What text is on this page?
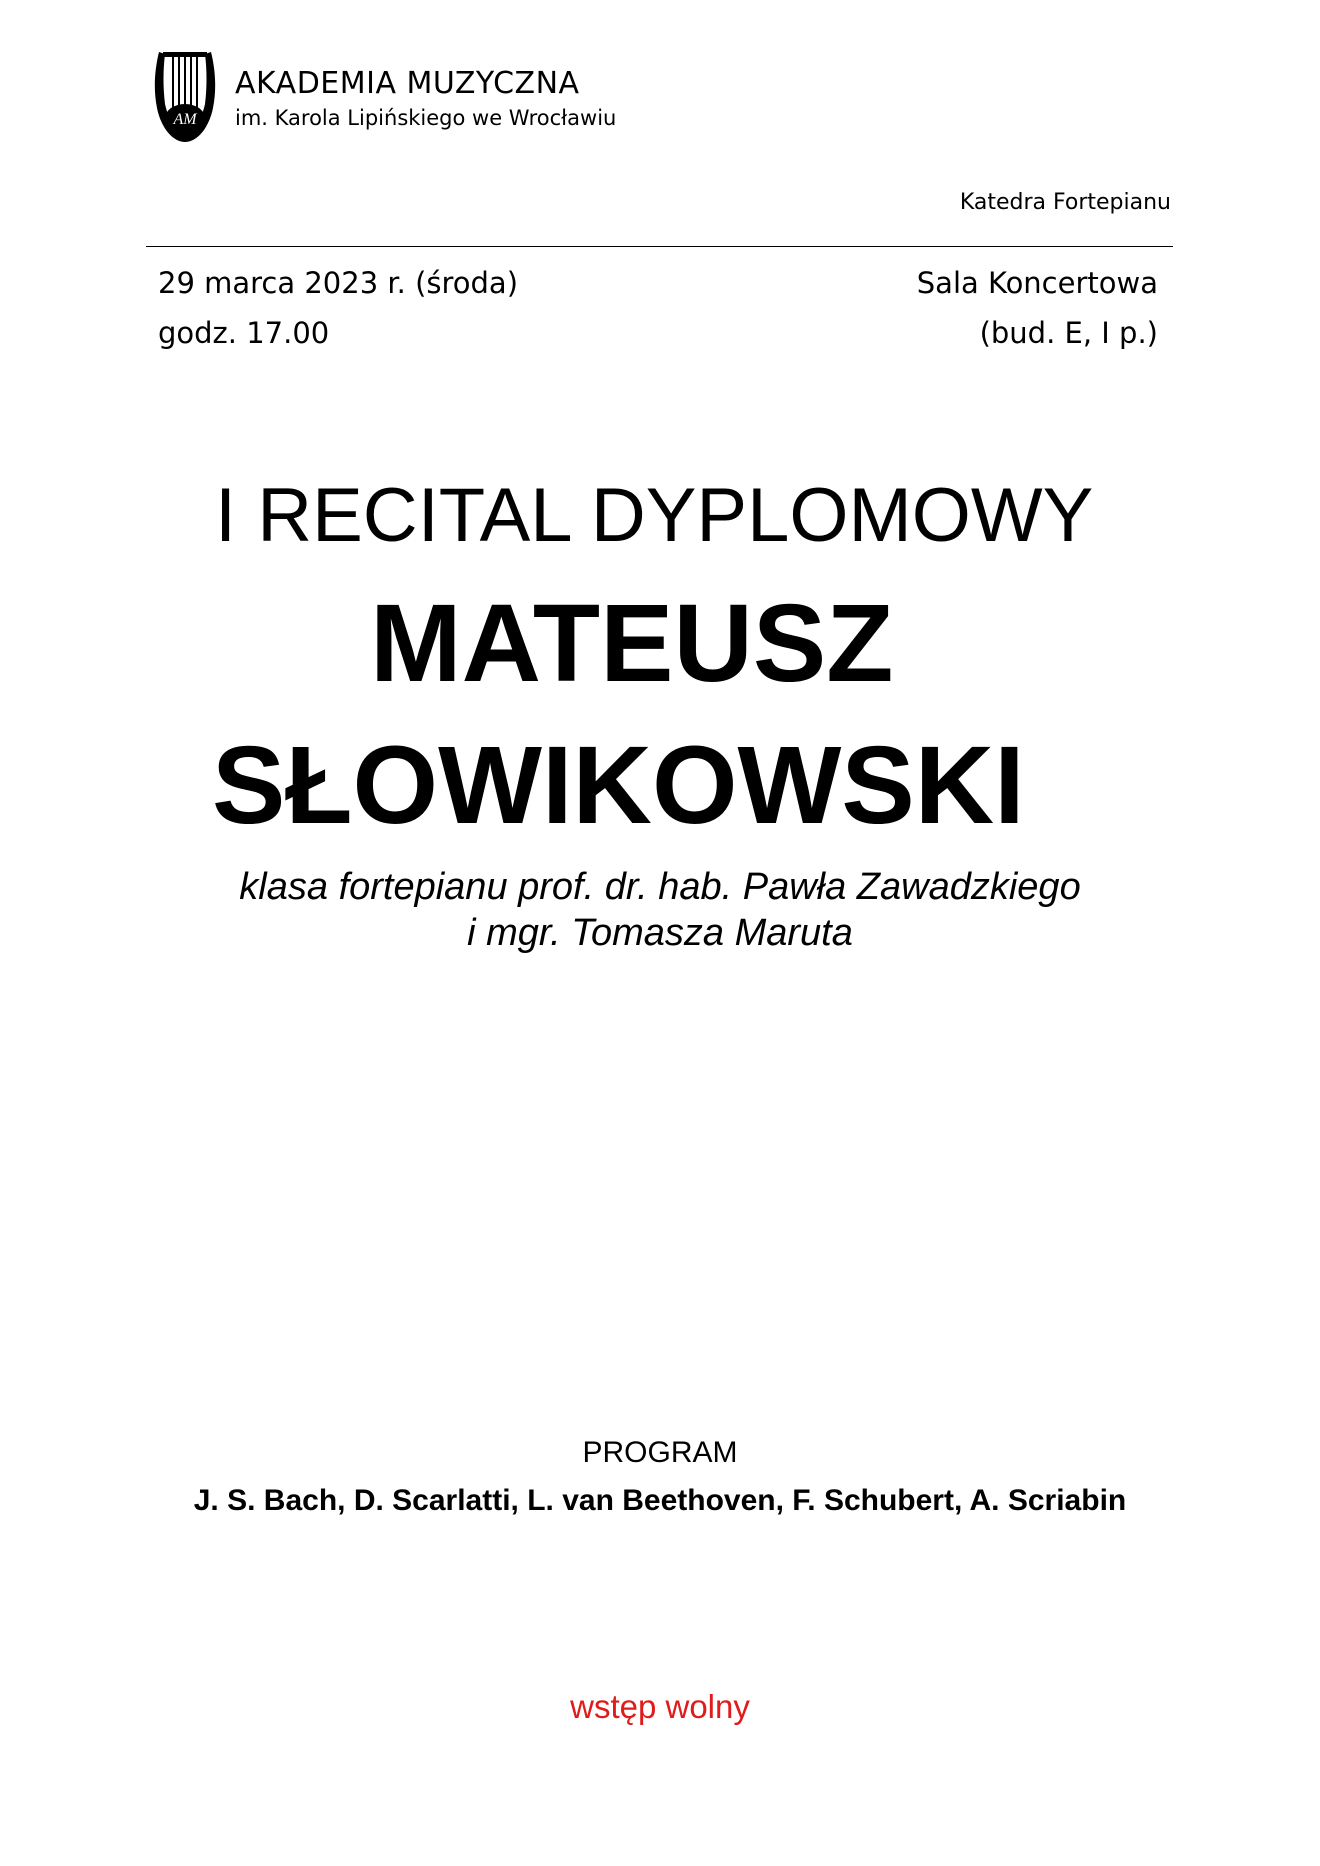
AM
AKADEMIA MUZYCZNA
im. Karola Lipińskiego we Wrocławiu
Katedra Fortepianu
29 marca 2023 r. (środa)
godz. 17.00
Sala Koncertowa
(bud. E, I p.)
I RECITAL DYPLOMOWY
MATEUSZ
SŁOWIKOWSKI
klasa fortepianu prof. dr. hab. Pawła Zawadzkiego
i mgr. Tomasza Maruta
PROGRAM
J. S. Bach, D. Scarlatti, L. van Beethoven, F. Schubert, A. Scriabin
wstęp wolny
